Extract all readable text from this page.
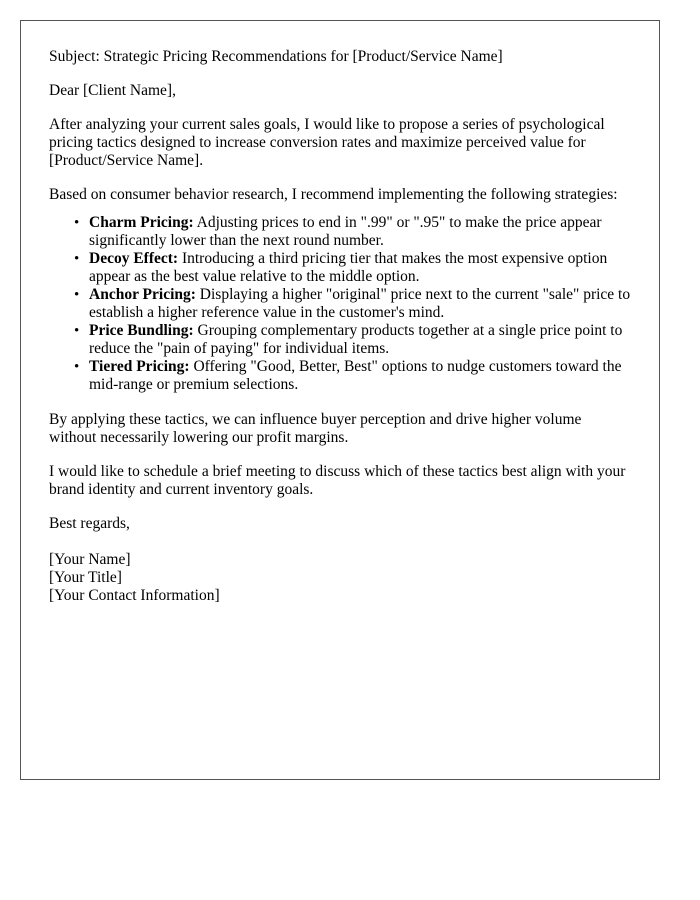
Subject: Strategic Pricing Recommendations for [Product/Service Name]

Dear [Client Name],

After analyzing your current sales goals, I would like to propose a series of psychological pricing tactics designed to increase conversion rates and maximize perceived value for [Product/Service Name].

Based on consumer behavior research, I recommend implementing the following strategies:

• Charm Pricing: Adjusting prices to end in ".99" or ".95" to make the price appear significantly lower than the next round number.
• Decoy Effect: Introducing a third pricing tier that makes the most expensive option appear as the best value relative to the middle option.
• Anchor Pricing: Displaying a higher "original" price next to the current "sale" price to establish a higher reference value in the customer's mind.
• Price Bundling: Grouping complementary products together at a single price point to reduce the "pain of paying" for individual items.
• Tiered Pricing: Offering "Good, Better, Best" options to nudge customers toward the mid-range or premium selections.

By applying these tactics, we can influence buyer perception and drive higher volume without necessarily lowering our profit margins.

I would like to schedule a brief meeting to discuss which of these tactics best align with your brand identity and current inventory goals.

Best regards,

[Your Name]
[Your Title]
[Your Contact Information]
